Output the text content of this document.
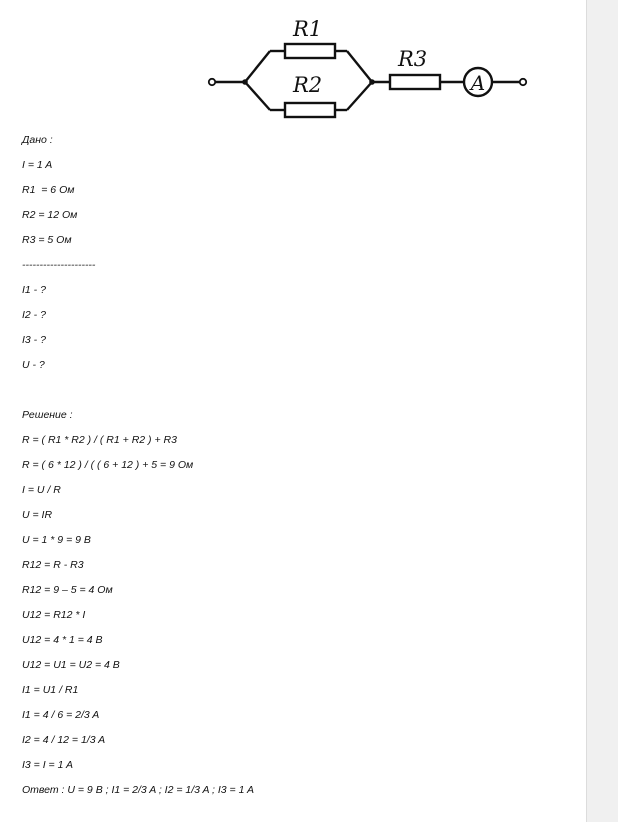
R1
R2
R3
A
Дано :
I = 1 A
R1  = 6 Ом
R2 = 12 Ом
R3 = 5 Ом
---------------------
I1 - ?
I2 - ?
I3 - ?
U - ?
Решение :
R = ( R1 * R2 ) / ( R1 + R2 ) + R3
R = ( 6 * 12 ) / ( ( 6 + 12 ) + 5 = 9 Ом
I = U / R
U = IR
U = 1 * 9 = 9 B
R12 = R - R3
R12 = 9 – 5 = 4 Ом
U12 = R12 * I
U12 = 4 * 1 = 4 B
U12 = U1 = U2 = 4 B
I1 = U1 / R1
I1 = 4 / 6 = 2/3 A
I2 = 4 / 12 = 1/3 A
I3 = I = 1 A
Ответ : U = 9 B ; I1 = 2/3 A ; I2 = 1/3 A ; I3 = 1 A
